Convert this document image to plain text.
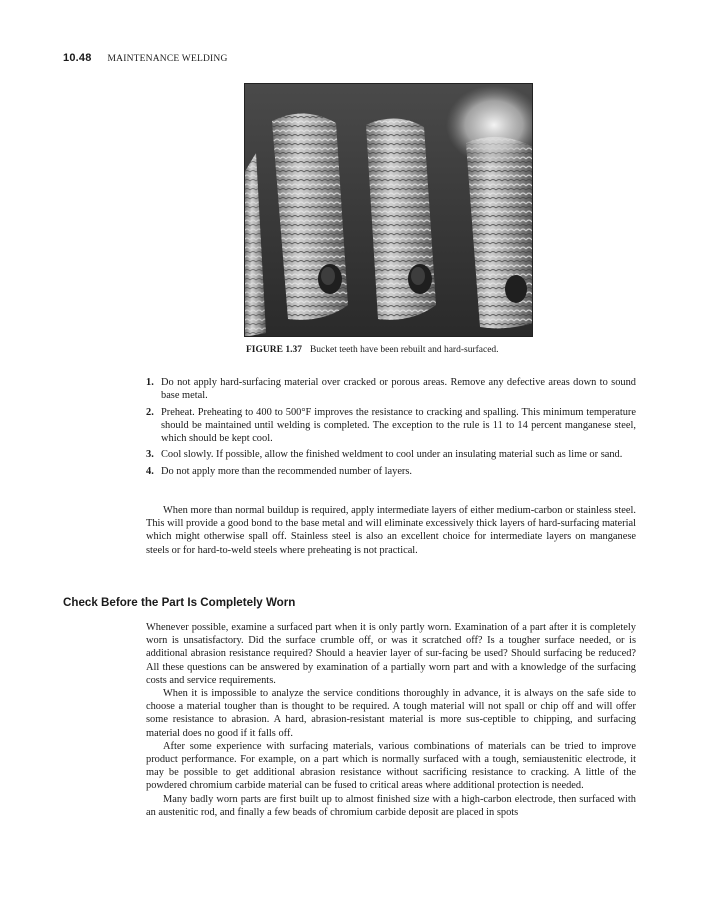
10.48 MAINTENANCE WELDING
FIGURE 1.37 Bucket teeth have been rebuilt and hard-surfaced.
1. Do not apply hard-surfacing material over cracked or porous areas. Remove any defective areas down to sound base metal.
2. Preheat. Preheating to 400 to 500°F improves the resistance to cracking and spalling. This minimum temperature should be maintained until welding is completed. The exception to the rule is 11 to 14 percent manganese steel, which should be kept cool.
3. Cool slowly. If possible, allow the finished weldment to cool under an insulating material such as lime or sand.
4. Do not apply more than the recommended number of layers.

When more than normal buildup is required, apply intermediate layers of either medium-carbon or stainless steel. This will provide a good bond to the base metal and will eliminate excessively thick layers of hard-surfacing material which might otherwise spall off. Stainless steel is also an excellent choice for intermediate layers on manganese steels or for hard-to-weld steels where preheating is not practical.

Check Before the Part Is Completely Worn

Whenever possible, examine a surfaced part when it is only partly worn. Examination of a part after it is completely worn is unsatisfactory. Did the surface crumble off, or was it scratched off? Is a tougher surface needed, or is additional abrasion resistance required? Should a heavier layer of sur-facing be used? Should surfacing be reduced? All these questions can be answered by examination of a partially worn part and with a knowledge of the surfacing costs and service requirements.

When it is impossible to analyze the service conditions thoroughly in advance, it is always on the safe side to choose a material tougher than is thought to be required. A tough material will not spall or chip off and will offer some resistance to abrasion. A hard, abrasion-resistant material is more sus-ceptible to chipping, and surfacing material does no good if it falls off.

After some experience with surfacing materials, various combinations of materials can be tried to improve product performance. For example, on a part which is normally surfaced with a tough, semiaustenitic electrode, it may be possible to get additional abrasion resistance without sacrificing resistance to cracking. A little of the powdered chromium carbide material can be fused to critical areas where additional protection is needed.

Many badly worn parts are first built up to almost finished size with a high-carbon electrode, then surfaced with an austenitic rod, and finally a few beads of chromium carbide deposit are placed in spots
